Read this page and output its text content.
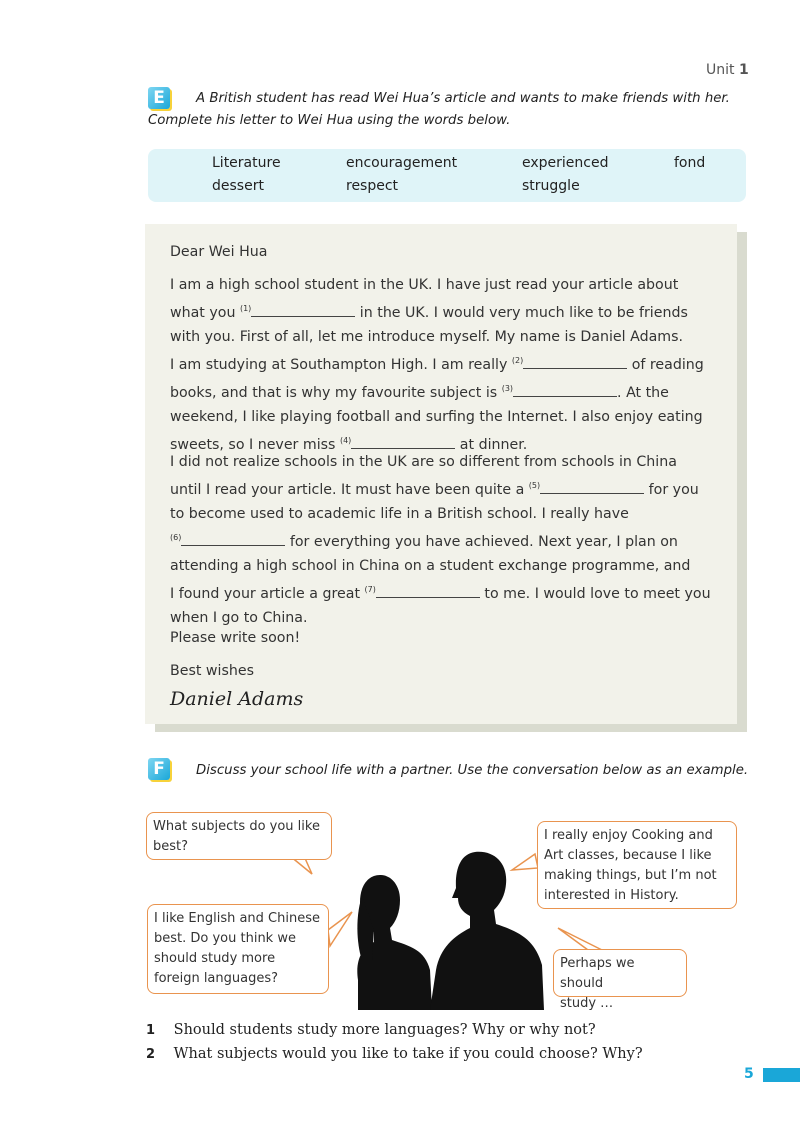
Unit 1
E	A British student has read Wei Hua’s article and wants to make friends with her.
Complete his letter to Wei Hua using the words below.
Literature	encouragement	experienced	fond
dessert	respect	struggle
Dear Wei Hua

I am a high school student in the UK. I have just read your article about

what you $^{(1)}$	in the UK. I would very much like to be friends

with you. First of all, let me introduce myself. My name is Daniel Adams.

I am studying at Southampton High. I am really $^{(2)}$	of reading

books, and that is why my favourite subject is $^{(3)}$	. At the

weekend, I like playing football and surfing the Internet. I also enjoy eating

sweets, so I never miss $^{(4)}$	at dinner.

I did not realize schools in the UK are so different from schools in China

until I read your article. It must have been quite a $^{(5)}$	for you

to become used to academic life in a British school. I really have

$^{(6)}$	for everything you have achieved. Next year, I plan on

attending a high school in China on a student exchange programme, and

I found your article a great $^{(7)}$	to me. I would love to meet you

when I go to China.

Please write soon!
Best wishes
Daniel Adams
F	Discuss your school life with a partner. Use the conversation below as an example.
What subjects do you like
best?
I really enjoy Cooking and
Art classes, because I like
making things, but I’m not
interested in History.
I like English and Chinese
best. Do you think we
should study more
foreign languages?
Perhaps we should
study …
1 Should students study more languages? Why or why not?
2 What subjects would you like to take if you could choose? Why?
5
